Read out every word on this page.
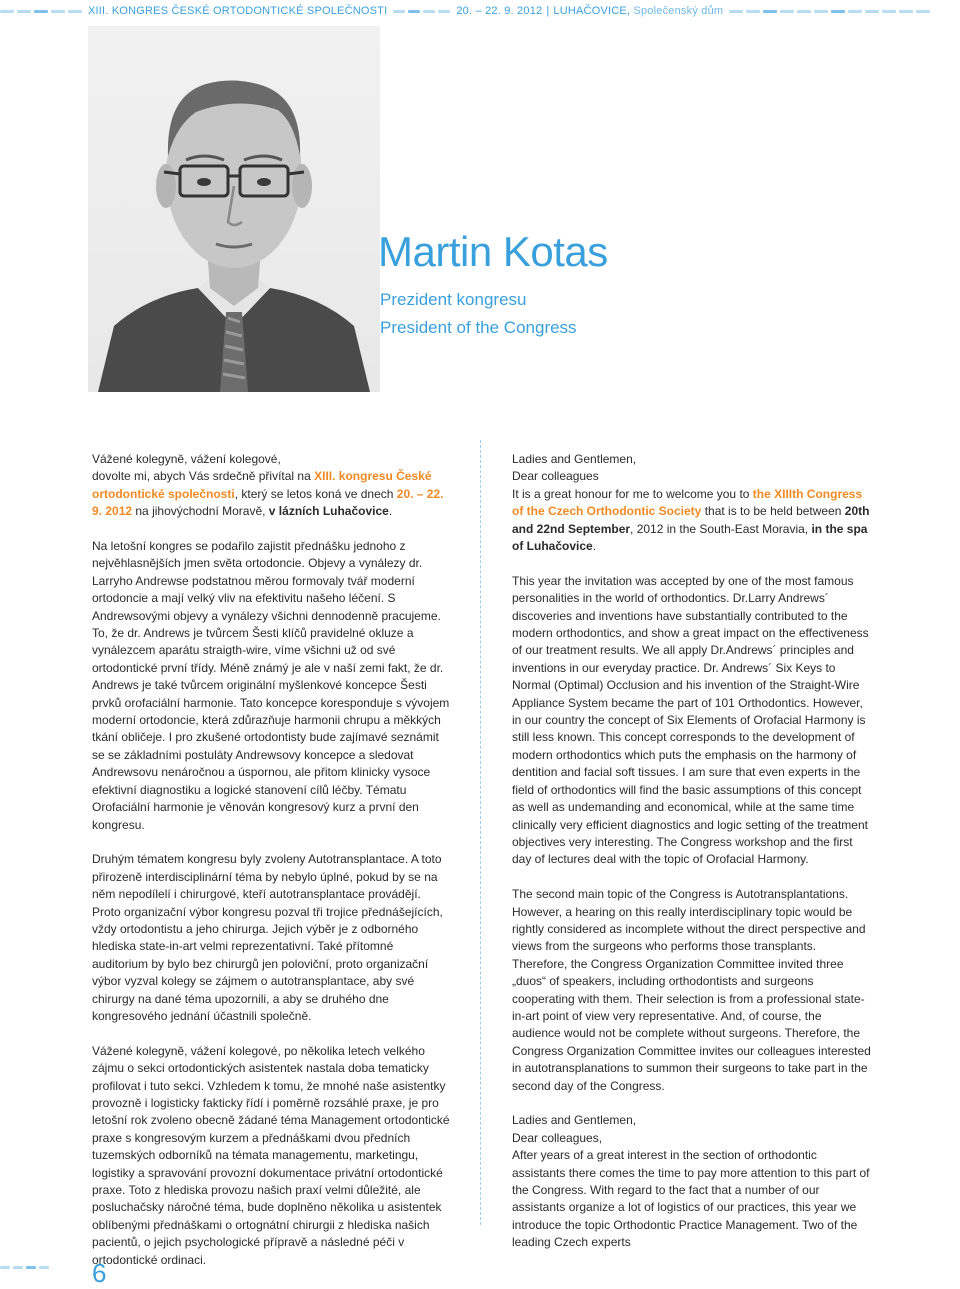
XIII. KONGRES ČESKÉ ORTODONTICKÉ SPOLEČNOSTI	20. – 22. 9. 2012 | LUHAČOVICE, Společenský dům
Martin Kotas
Prezident kongresu
President of the Congress

Vážené kolegyně, vážení kolegové,
dovolte mi, abych Vás srdečně přivítal na XIII. kongresu České ortodontické společnosti, který se letos koná ve dnech 20. – 22. 9. 2012 na jihovýchodní Moravě, v lázních Luhačovice.

Na letošní kongres se podařilo zajistit přednášku jednoho z nejvěhlasnějších jmen světa ortodoncie. Objevy a vynálezy dr. Larryho Andrewse podstatnou měrou formovaly tvář moderní ortodoncie a mají velký vliv na efektivitu našeho léčení. S Andrewsovými objevy a vynálezy všichni dennodenně pracujeme. To, že dr. Andrews je tvůrcem Šesti klíčů pravidelné okluze a vynálezcem aparátu straigth-wire, víme všichni už od své ortodontické první třídy. Méně známý je ale v naší zemi fakt, že dr. Andrews je také tvůrcem originální myšlenkové koncepce Šesti prvků orofaciální harmonie. Tato koncepce koresponduje s vývojem moderní ortodoncie, která zdůrazňuje harmonii chrupu a měkkých tkání obličeje. I pro zkušené ortodontisty bude zajímavé seznámit se se základními postuláty Andrewsovy koncepce a sledovat Andrewsovu nenáročnou a úspornou, ale přitom klinicky vysoce efektivní diagnostiku a logické stanovení cílů léčby. Tématu Orofaciální harmonie je věnován kongresový kurz a první den kongresu.

Druhým tématem kongresu byly zvoleny Autotransplantace. A toto přirozeně interdisciplinární téma by nebylo úplné, pokud by se na něm nepodílelí i chirurgové, kteří autotransplantace provádějí. Proto organizační výbor kongresu pozval tři trojice přednášejících, vždy ortodontistu a jeho chirurga. Jejich výběr je z odborného hlediska state-in-art velmi reprezentativní. Také přítomné auditorium by bylo bez chirurgů jen poloviční, proto organizační výbor vyzval kolegy se zájmem o autotransplantace, aby své chirurgy na dané téma upozornili, a aby se druhého dne kongresového jednání účastnili společně.

Vážené kolegyně, vážení kolegové, po několika letech velkého zájmu o sekci ortodontických asistentek nastala doba tematicky profilovat i tuto sekci. Vzhledem k tomu, že mnohé naše asistentky provozně i logisticky fakticky řídí i poměrně rozsáhlé praxe, je pro letošní rok zvoleno obecně žádané téma Management ortodontické praxe s kongresovým kurzem a přednáškami dvou předních tuzemských odborníků na témata managementu, marketingu, logistiky a spravování provozní dokumentace privátní ortodontické praxe. Toto z hlediska provozu našich praxí velmi důležité, ale posluchačsky náročné téma, bude doplněno několika u asistentek oblíbenými přednáškami o ortognátní chirurgii z hlediska našich pacientů, o jejich psychologické přípravě a následné péči v ortodontické ordinaci.

Ladies and Gentlemen,
Dear colleagues
It is a great honour for me to welcome you to the XIIIth Congress of the Czech Orthodontic Society that is to be held between 20th and 22nd September, 2012 in the South-East Moravia, in the spa of Luhačovice.

This year the invitation was accepted by one of the most famous personalities in the world of orthodontics. Dr.Larry Andrews´ discoveries and inventions have substantially contributed to the modern orthodontics, and show a great impact on the effectiveness of our treatment results. We all apply Dr.Andrews´ principles and inventions in our everyday practice. Dr. Andrews´ Six Keys to Normal (Optimal) Occlusion and his invention of the Straight-Wire Appliance System became the part of 101 Orthodontics. However, in our country the concept of Six Elements of Orofacial Harmony is still less known. This concept corresponds to the development of modern orthodontics which puts the emphasis on the harmony of dentition and facial soft tissues. I am sure that even experts in the field of orthodontics will find the basic assumptions of this concept as well as undemanding and economical, while at the same time clinically very efficient diagnostics and logic setting of the treatment objectives very interesting. The Congress workshop and the first day of lectures deal with the topic of Orofacial Harmony.

The second main topic of the Congress is Autotransplantations. However, a hearing on this really interdisciplinary topic would be rightly considered as incomplete without the direct perspective and views from the surgeons who performs those transplants. Therefore, the Congress Organization Committee invited three „duos“ of speakers, including orthodontists and surgeons cooperating with them. Their selection is from a professional state-in-art point of view very representative. And, of course, the audience would not be complete without surgeons. Therefore, the Congress Organization Committee invites our colleagues interested in autotransplanations to summon their surgeons to take part in the second day of the Congress.

Ladies and Gentlemen,
Dear colleagues,
After years of a great interest in the section of orthodontic assistants there comes the time to pay more attention to this part of the Congress. With regard to the fact that a number of our assistants organize a lot of logistics of our practices, this year we introduce the topic Orthodontic Practice Management. Two of the leading Czech experts

6
